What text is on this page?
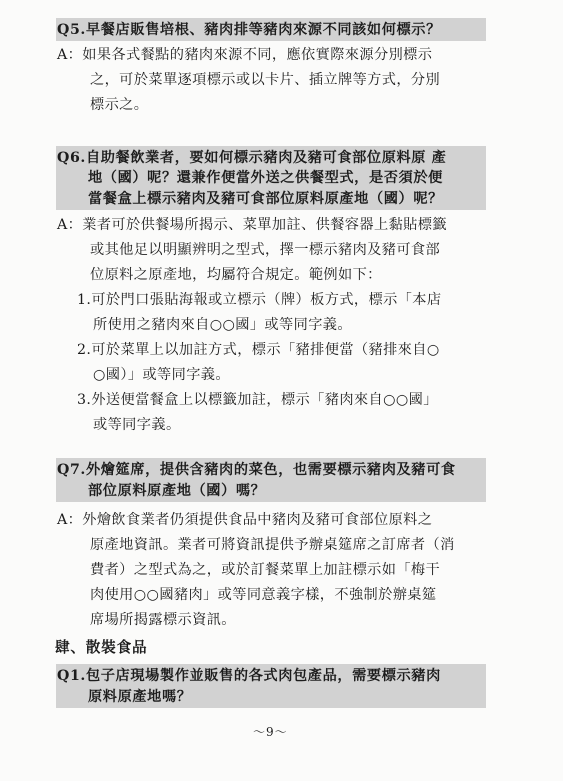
Q5.早餐店販售培根、豬肉排等豬肉來源不同該如何標示？
A：如果各式餐點的豬肉來源不同，應依實際來源分別標示
之，可於菜單逐項標示或以卡片、插立牌等方式，分別
標示之。
Q6.自助餐飲業者，要如何標示豬肉及豬可食部位原料原 產
地（國）呢？還兼作便當外送之供餐型式，是否須於便
當餐盒上標示豬肉及豬可食部位原料原產地（國）呢？
A：業者可於供餐場所揭示、菜單加註、供餐容器上黏貼標籤
或其他足以明顯辨明之型式，擇一標示豬肉及豬可食部
位原料之原產地，均屬符合規定。範例如下：
1.可於門口張貼海報或立標示（牌）板方式，標示「本店
所使用之豬肉來自○○國」或等同字義。
2.可於菜單上以加註方式，標示「豬排便當（豬排來自○
○國）」或等同字義。
3.外送便當餐盒上以標籤加註，標示「豬肉來自○○國」
或等同字義。
Q7.外燴筵席，提供含豬肉的菜色，也需要標示豬肉及豬可食
部位原料原產地（國）嗎？
A：外燴飲食業者仍須提供食品中豬肉及豬可食部位原料之
原產地資訊。業者可將資訊提供予辦桌筵席之訂席者（消
費者）之型式為之，或於訂餐菜單上加註標示如「梅干
肉使用○○國豬肉」或等同意義字樣，不強制於辦桌筵
席場所揭露標示資訊。
肆、散裝食品
Q1.包子店現場製作並販售的各式肉包產品，需要標示豬肉
原料原產地嗎？
～9～
